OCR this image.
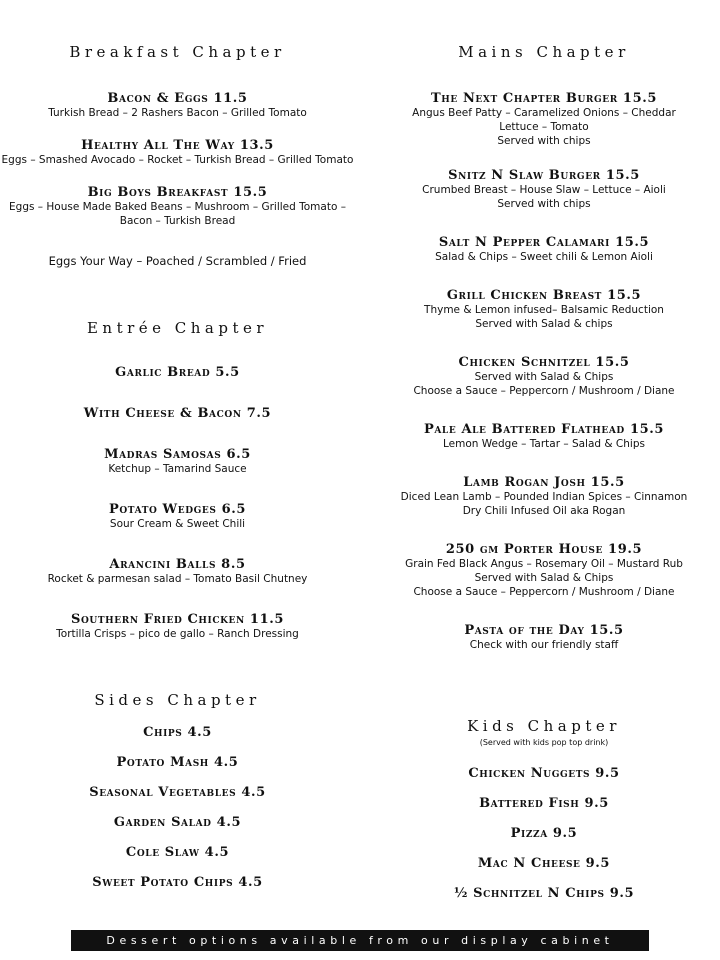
Breakfast Chapter
Bacon & Eggs 11.5
Turkish Bread – 2 Rashers Bacon – Grilled Tomato
Healthy All The Way 13.5
Eggs – Smashed Avocado – Rocket – Turkish Bread – Grilled Tomato
Big Boys Breakfast 15.5
Eggs – House Made Baked Beans – Mushroom – Grilled Tomato –
Bacon – Turkish Bread
Eggs Your Way – Poached / Scrambled / Fried
Entrée Chapter
Garlic Bread 5.5
With Cheese & Bacon 7.5
Madras Samosas 6.5
Ketchup – Tamarind Sauce
Potato Wedges 6.5
Sour Cream & Sweet Chili
Arancini Balls 8.5
Rocket & parmesan salad – Tomato Basil Chutney
Southern Fried Chicken 11.5
Tortilla Crisps – pico de gallo – Ranch Dressing
Sides Chapter
Chips 4.5
Potato Mash 4.5
Seasonal Vegetables 4.5
Garden Salad 4.5
Cole Slaw 4.5
Sweet Potato Chips 4.5
Mains Chapter
The Next Chapter Burger 15.5
Angus Beef Patty – Caramelized Onions – Cheddar
Lettuce – Tomato
Served with chips
Snitz N Slaw Burger 15.5
Crumbed Breast – House Slaw – Lettuce – Aioli
Served with chips
Salt N Pepper Calamari 15.5
Salad & Chips – Sweet chili & Lemon Aioli
Grill Chicken Breast 15.5
Thyme & Lemon infused– Balsamic Reduction
Served with Salad & chips
Chicken Schnitzel 15.5
Served with Salad & Chips
Choose a Sauce – Peppercorn / Mushroom / Diane
Pale Ale Battered Flathead 15.5
Lemon Wedge – Tartar – Salad & Chips
Lamb Rogan Josh 15.5
Diced Lean Lamb – Pounded Indian Spices – Cinnamon
Dry Chili Infused Oil aka Rogan
250 gm Porter House 19.5
Grain Fed Black Angus – Rosemary Oil – Mustard Rub
Served with Salad & Chips
Choose a Sauce – Peppercorn / Mushroom / Diane
Pasta of the Day 15.5
Check with our friendly staff
Kids Chapter
(Served with kids pop top drink)
Chicken Nuggets 9.5
Battered Fish 9.5
Pizza 9.5
Mac N Cheese 9.5
½ Schnitzel N Chips 9.5
Dessert options available from our display cabinet
